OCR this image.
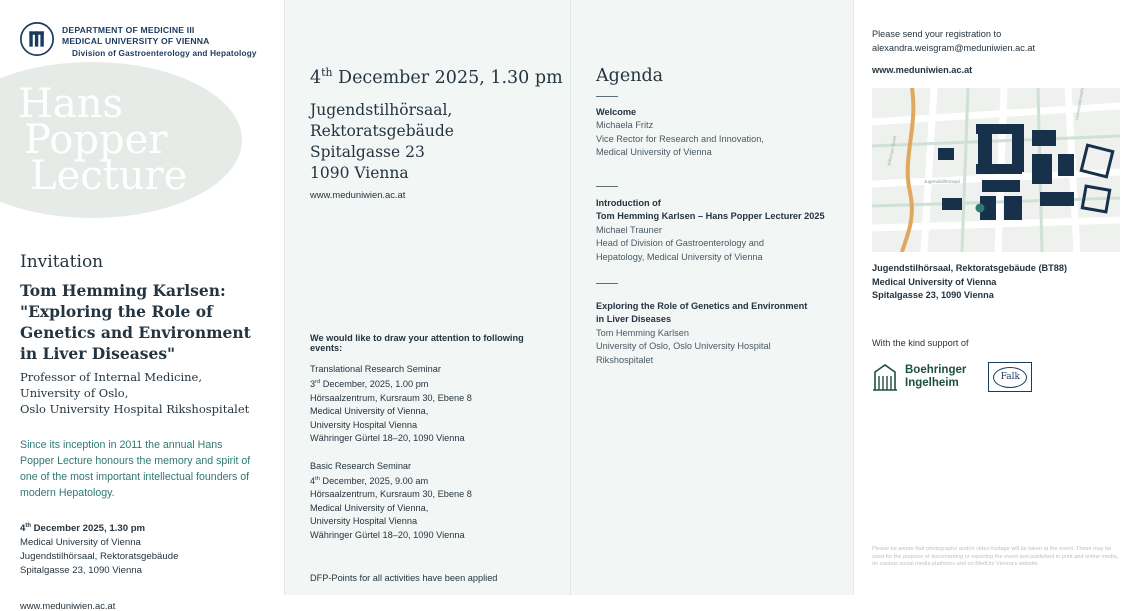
DEPARTMENT OF MEDICINE III
MEDICAL UNIVERSITY OF VIENNA
Division of Gastroenterology and Hepatology
Hans
Popper
Lecture
Invitation
Tom Hemming Karlsen:
"Exploring the Role of
Genetics and Environment
in Liver Diseases"
Professor of Internal Medicine,
University of Oslo,
Oslo University Hospital Rikshospitalet
Since its inception in 2011 the annual Hans Popper Lecture honours the memory and spirit of one of the most important intellectual founders of modern Hepatology.
4th December 2025, 1.30 pm
Medical University of Vienna
Jugendstilhörsaal, Rektoratsgebäude
Spitalgasse 23, 1090 Vienna
www.meduniwien.ac.at
4th December 2025, 1.30 pm
Jugendstilhörsaal,
Rektoratsgebäude
Spitalgasse 23
1090 Vienna
www.meduniwien.ac.at
We would like to draw your attention to following events:
Translational Research Seminar
3rd December, 2025, 1.00 pm
Hörsaalzentrum, Kursraum 30, Ebene 8
Medical University of Vienna,
University Hospital Vienna
Währinger Gürtel 18–20, 1090 Vienna
Basic Research Seminar
4th December, 2025, 9.00 am
Hörsaalzentrum, Kursraum 30, Ebene 8
Medical University of Vienna,
University Hospital Vienna
Währinger Gürtel 18–20, 1090 Vienna
DFP-Points for all activities have been applied
Agenda
Welcome
Michaela Fritz
Vice Rector for Research and Innovation,
Medical University of Vienna
Introduction of
Tom Hemming Karlsen – Hans Popper Lecturer 2025
Michael Trauner
Head of Division of Gastroenterology and
Hepatology, Medical University of Vienna
Exploring the Role of Genetics and Environment
in Liver Diseases
Tom Hemming Karlsen
University of Oslo, Oslo University Hospital
Rikshospitalet
Please send your registration to
alexandra.weisgram@meduniwien.ac.at
www.meduniwien.ac.at
Währinger Gürtel
Universitätsstraße
Jugendstilhörsaal
Jugendstilhörsaal, Rektoratsgebäude (BT88)
Medical University of Vienna
Spitalgasse 23, 1090 Vienna
With the kind support of
Boehringer
Ingelheim	Falk
Please be aware that photographs and/or video footage will be taken at the event. These may be used for the purpose of documenting or reporting the event and published in print and online media, on various social media platforms and on MedUni Vienna's website.
